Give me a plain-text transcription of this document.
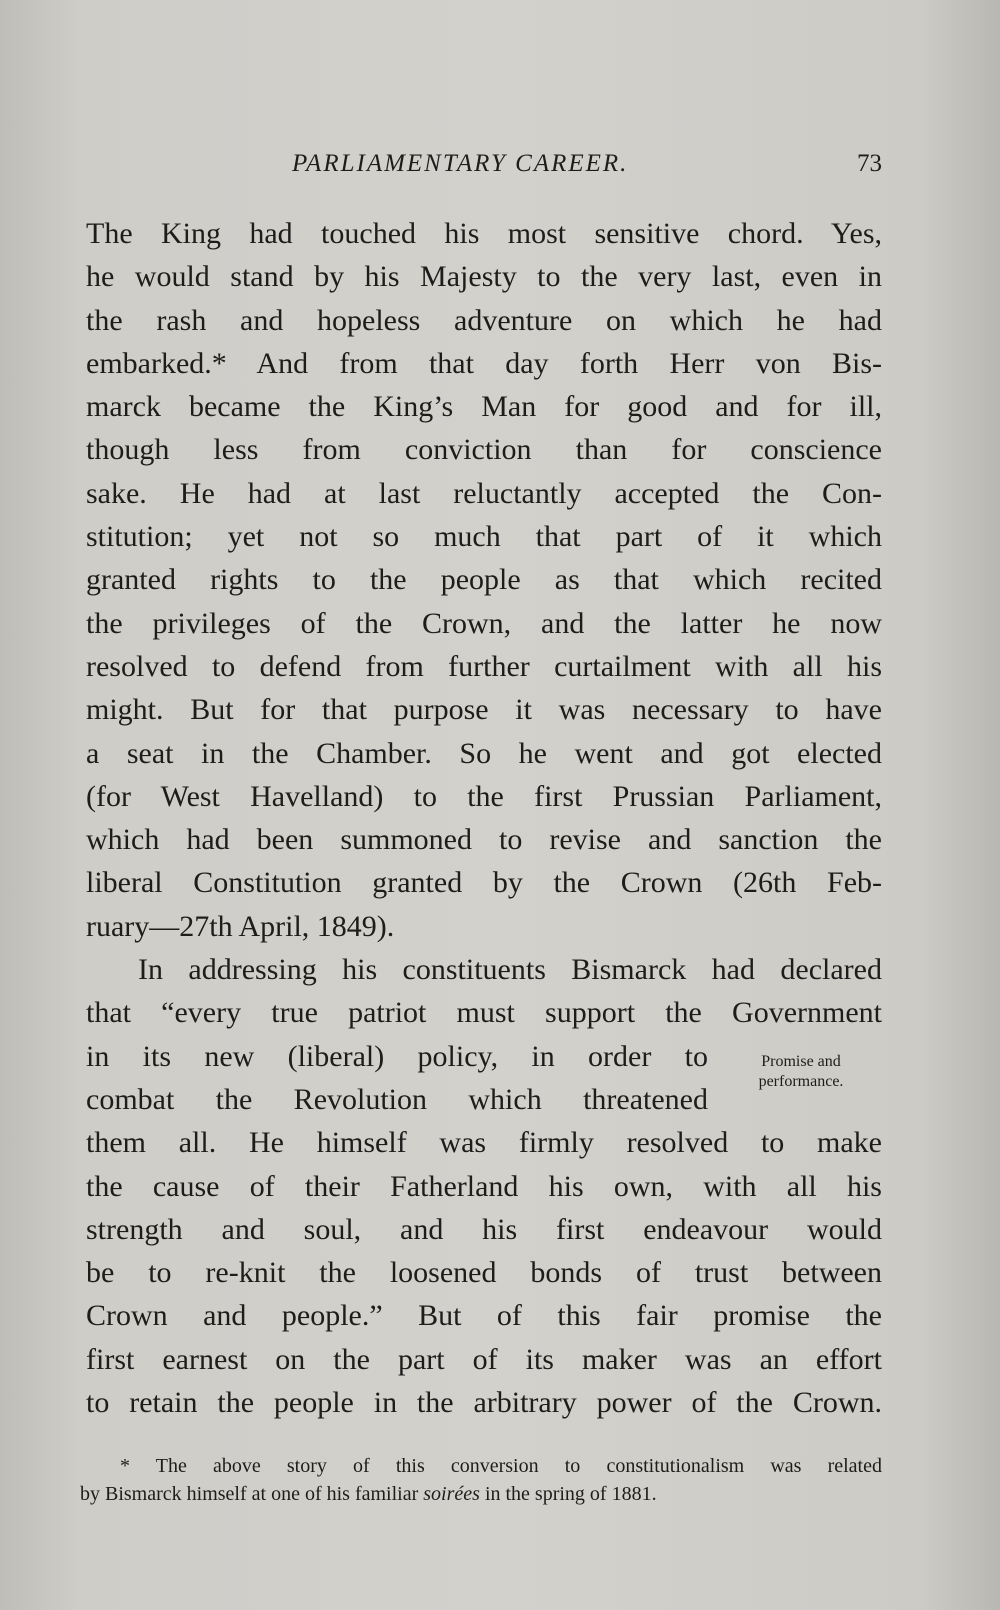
PARLIAMENTARY CAREER.	73
The King had touched his most sensitive chord. Yes,
he would stand by his Majesty to the very last, even in
the rash and hopeless adventure on which he had
embarked.* And from that day forth Herr von Bis-
marck became the King’s Man for good and for ill,
though less from conviction than for conscience
sake. He had at last reluctantly accepted the Con-
stitution; yet not so much that part of it which
granted rights to the people as that which recited
the privileges of the Crown, and the latter he now
resolved to defend from further curtailment with all his
might. But for that purpose it was necessary to have
a seat in the Chamber. So he went and got elected
(for West Havelland) to the first Prussian Parliament,
which had been summoned to revise and sanction the
liberal Constitution granted by the Crown (26th Feb-
ruary—27th April, 1849).
In addressing his constituents Bismarck had declared
that “every true patriot must support the Government
in its new (liberal) policy, in order to
combat the Revolution which threatened
them all. He himself was firmly resolved to make
the cause of their Fatherland his own, with all his
strength and soul, and his first endeavour would
be to re-knit the loosened bonds of trust between
Crown and people.” But of this fair promise the
first earnest on the part of its maker was an effort
to retain the people in the arbitrary power of the Crown.
Promise and
performance.
* The above story of this conversion to constitutionalism was related
by Bismarck himself at one of his familiar soirées in the spring of 1881.
